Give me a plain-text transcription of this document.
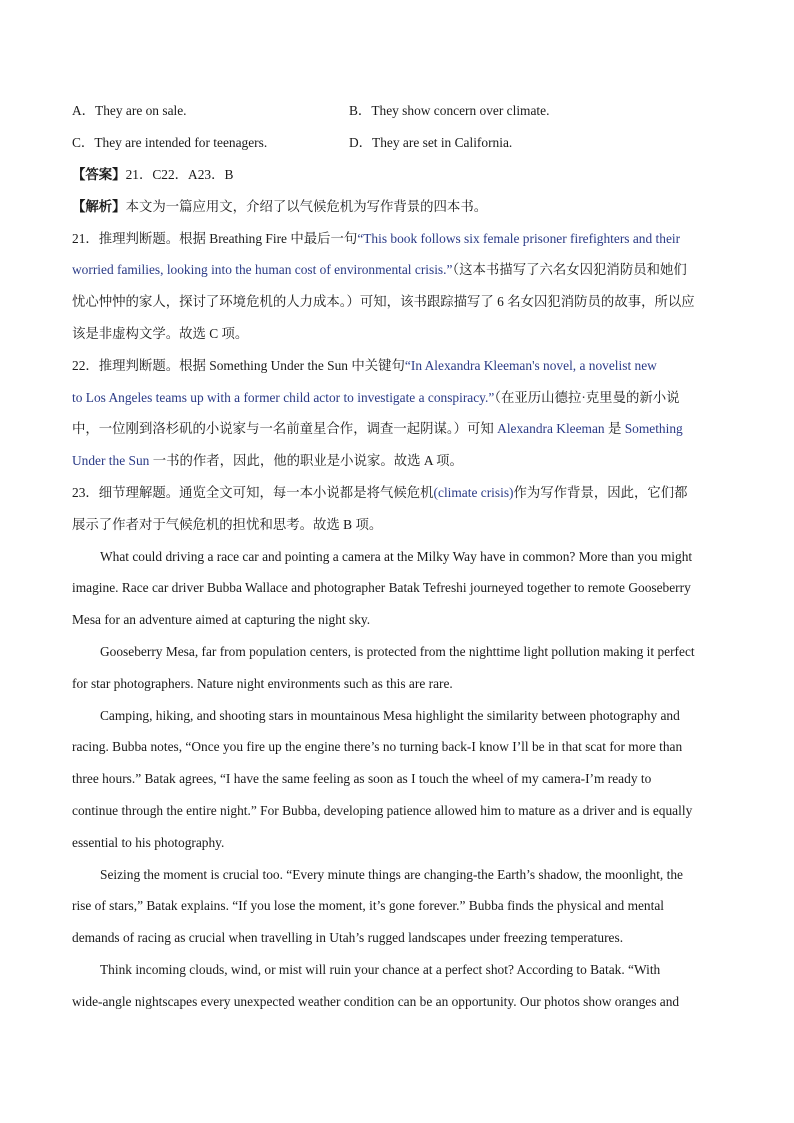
A．They are on sale.	B．They show concern over climate.
C．They are intended for teenagers.	D．They are set in California.
【答案】21．C22．A23．B
【解析】本文为一篇应用文，介绍了以气候危机为写作背景的四本书。
21．推理判断题。根据 Breathing Fire 中最后一句“This book follows six female prisoner firefighters and their
worried families, looking into the human cost of environmental crisis.”（这本书描写了六名女囚犯消防员和她们
忧心忡忡的家人，探讨了环境危机的人力成本。）可知，该书跟踪描写了 6 名女囚犯消防员的故事，所以应
该是非虚构文学。故选 C 项。
22．推理判断题。根据 Something Under the Sun 中关键句“In Alexandra Kleeman's novel, a novelist new
to Los Angeles teams up with a former child actor to investigate a conspiracy.”（在亚历山德拉·克里曼的新小说
中，一位刚到洛杉矶的小说家与一名前童星合作，调查一起阴谋。）可知 Alexandra Kleeman 是 Something
Under the Sun 一书的作者，因此，他的职业是小说家。故选 A 项。
23．细节理解题。通览全文可知，每一本小说都是将气候危机(climate crisis)作为写作背景，因此，它们都
展示了作者对于气候危机的担忧和思考。故选 B 项。
What could driving a race car and pointing a camera at the Milky Way have in common? More than you might
imagine. Race car driver Bubba Wallace and photographer Batak Tefreshi journeyed together to remote Gooseberry
Mesa for an adventure aimed at capturing the night sky.
Gooseberry Mesa, far from population centers, is protected from the nighttime light pollution making it perfect
for star photographers. Nature night environments such as this are rare.
Camping, hiking, and shooting stars in mountainous Mesa highlight the similarity between photography and
racing. Bubba notes, “Once you fire up the engine there’s no turning back-I know I’ll be in that scat for more than
three hours.” Batak agrees, “I have the same feeling as soon as I touch the wheel of my camera-I’m ready to
continue through the entire night.” For Bubba, developing patience allowed him to mature as a driver and is equally
essential to his photography.
Seizing the moment is crucial too. “Every minute things are changing-the Earth’s shadow, the moonlight, the
rise of stars,” Batak explains. “If you lose the moment, it’s gone forever.” Bubba finds the physical and mental
demands of racing as crucial when travelling in Utah’s rugged landscapes under freezing temperatures.
Think incoming clouds, wind, or mist will ruin your chance at a perfect shot? According to Batak. “With
wide-angle nightscapes every unexpected weather condition can be an opportunity. Our photos show oranges and
